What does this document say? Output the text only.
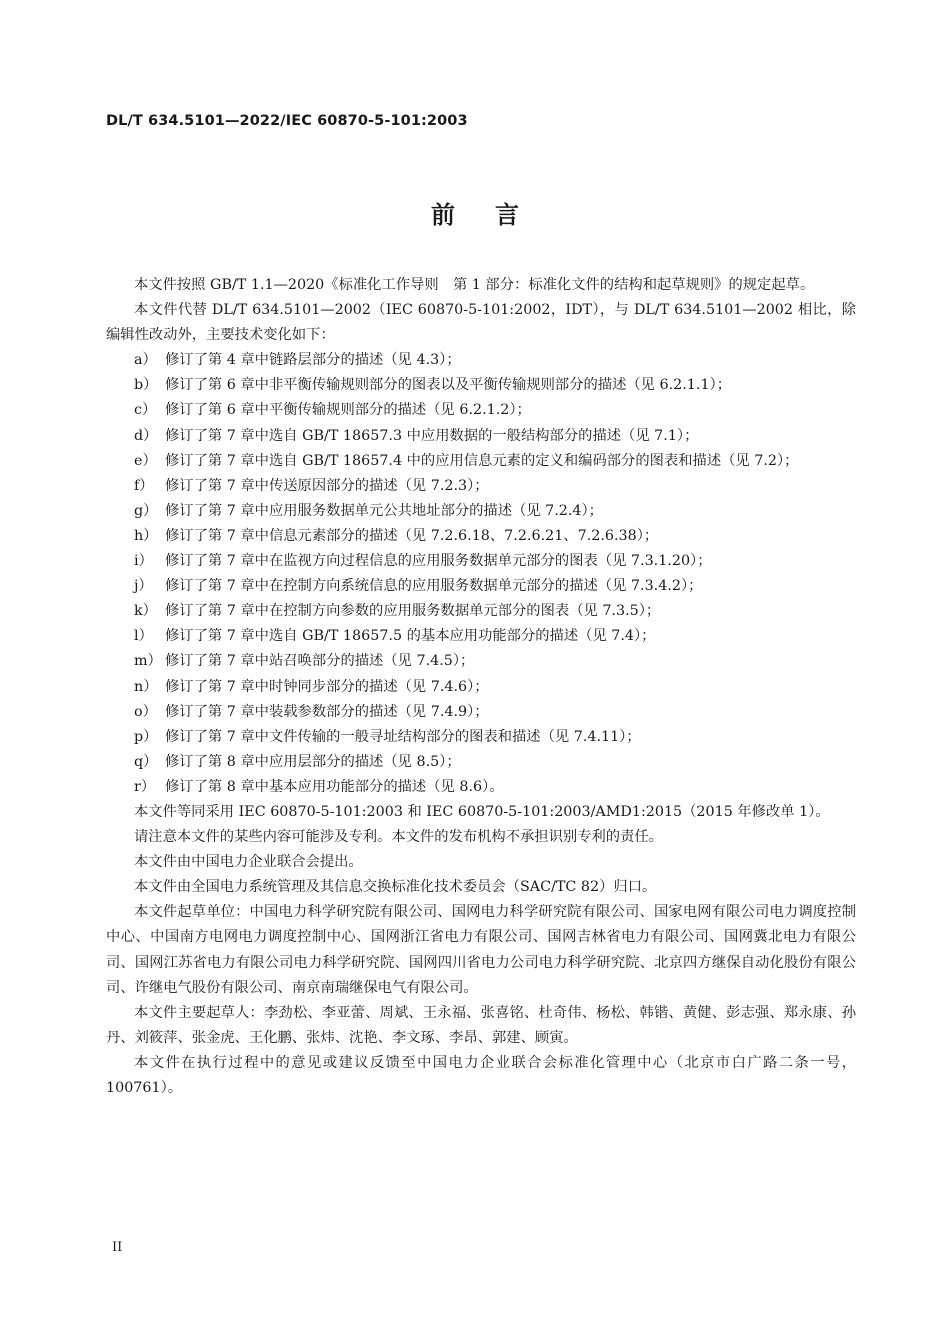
DL/T 634.5101—2022/IEC 60870-5-101:2003
前言

本文件按照 GB/T 1.1—2020《标准化工作导则　第 1 部分：标准化文件的结构和起草规则》的规定起草。

本文件代替 DL/T 634.5101—2002（IEC 60870-5-101:2002，IDT），与 DL/T 634.5101—2002 相比，除编辑性改动外，主要技术变化如下：

a） 修订了第 4 章中链路层部分的描述（见 4.3）；

b） 修订了第 6 章中非平衡传输规则部分的图表以及平衡传输规则部分的描述（见 6.2.1.1）；

c） 修订了第 6 章中平衡传输规则部分的描述（见 6.2.1.2）；

d） 修订了第 7 章中选自 GB/T 18657.3 中应用数据的一般结构部分的描述（见 7.1）；

e） 修订了第 7 章中选自 GB/T 18657.4 中的应用信息元素的定义和编码部分的图表和描述（见 7.2）；

f） 修订了第 7 章中传送原因部分的描述（见 7.2.3）；

g） 修订了第 7 章中应用服务数据单元公共地址部分的描述（见 7.2.4）；

h） 修订了第 7 章中信息元素部分的描述（见 7.2.6.18、7.2.6.21、7.2.6.38）；

i） 修订了第 7 章中在监视方向过程信息的应用服务数据单元部分的图表（见 7.3.1.20）；

j） 修订了第 7 章中在控制方向系统信息的应用服务数据单元部分的描述（见 7.3.4.2）；

k） 修订了第 7 章中在控制方向参数的应用服务数据单元部分的图表（见 7.3.5）；

l） 修订了第 7 章中选自 GB/T 18657.5 的基本应用功能部分的描述（见 7.4）；

m） 修订了第 7 章中站召唤部分的描述（见 7.4.5）；

n） 修订了第 7 章中时钟同步部分的描述（见 7.4.6）；

o） 修订了第 7 章中装载参数部分的描述（见 7.4.9）；

p） 修订了第 7 章中文件传输的一般寻址结构部分的图表和描述（见 7.4.11）；

q） 修订了第 8 章中应用层部分的描述（见 8.5）；

r） 修订了第 8 章中基本应用功能部分的描述（见 8.6）。

本文件等同采用 IEC 60870-5-101:2003 和 IEC 60870-5-101:2003/AMD1:2015（2015 年修改单 1）。

请注意本文件的某些内容可能涉及专利。本文件的发布机构不承担识别专利的责任。

本文件由中国电力企业联合会提出。

本文件由全国电力系统管理及其信息交换标准化技术委员会（SAC/TC 82）归口。

本文件起草单位：中国电力科学研究院有限公司、国网电力科学研究院有限公司、国家电网有限公司电力调度控制中心、中国南方电网电力调度控制中心、国网浙江省电力有限公司、国网吉林省电力有限公司、国网冀北电力有限公司、国网江苏省电力有限公司电力科学研究院、国网四川省电力公司电力科学研究院、北京四方继保自动化股份有限公司、许继电气股份有限公司、南京南瑞继保电气有限公司。

本文件主要起草人：李劲松、李亚蕾、周斌、王永福、张喜铭、杜奇伟、杨松、韩锴、黄健、彭志强、郑永康、孙丹、刘筱萍、张金虎、王化鹏、张炜、沈艳、李文琢、李昂、郭建、顾寅。

本文件在执行过程中的意见或建议反馈至中国电力企业联合会标准化管理中心（北京市白广路二条一号，100761）。

II
